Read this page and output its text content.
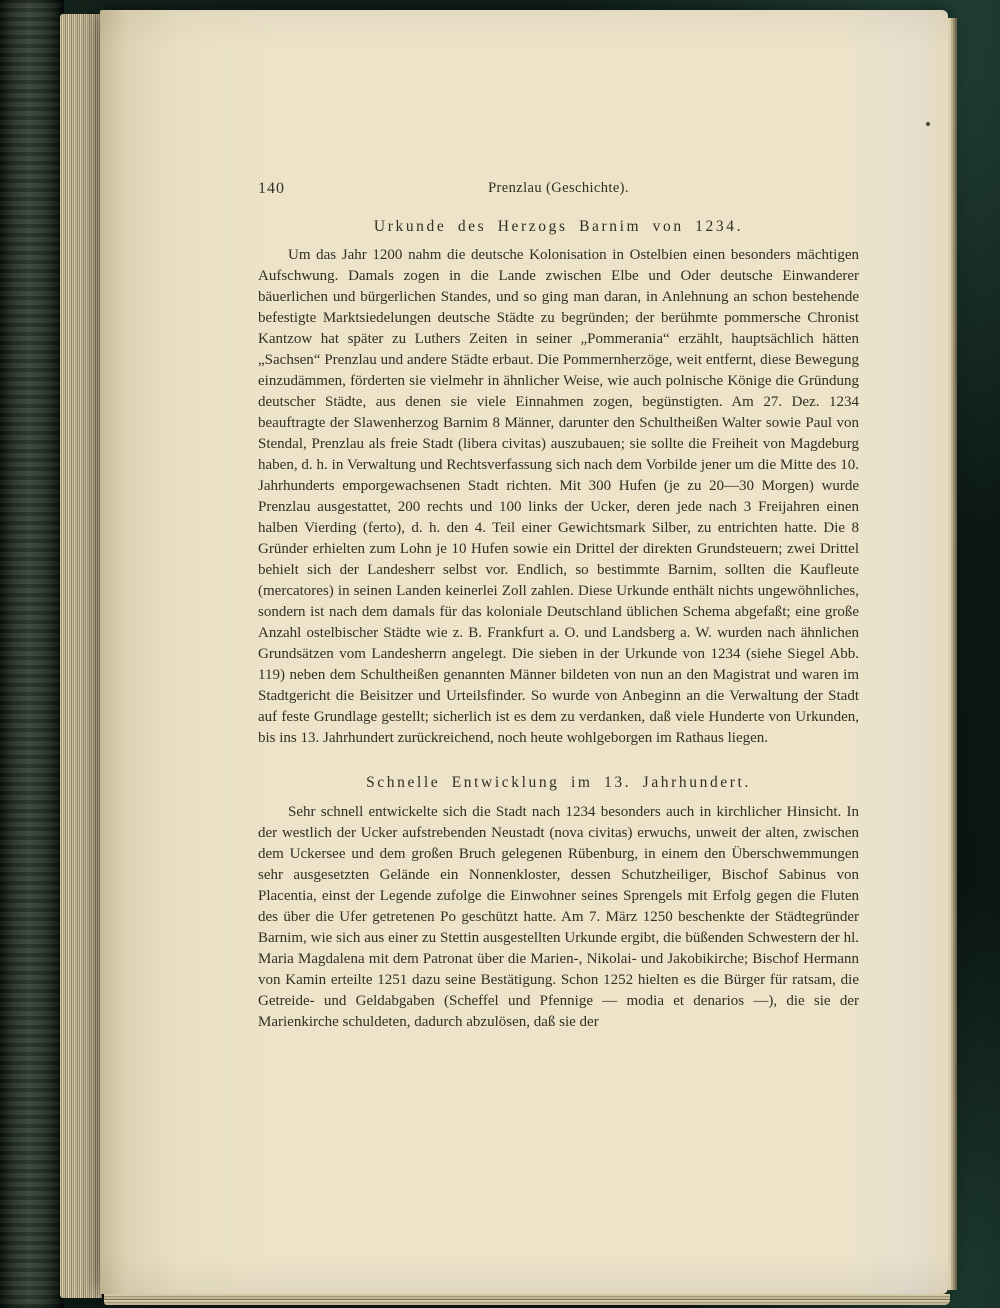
140	Prenzlau (Geschichte).
Urkunde des Herzogs Barnim von 1234.

Um das Jahr 1200 nahm die deutsche Kolonisation in Ostelbien einen besonders mächtigen Aufschwung. Damals zogen in die Lande zwischen Elbe und Oder deutsche Einwanderer bäuerlichen und bürgerlichen Standes, und so ging man daran, in Anlehnung an schon bestehende befestigte Marktsiedelungen deutsche Städte zu begründen; der berühmte pommersche Chronist Kantzow hat später zu Luthers Zeiten in seiner „Pommerania“ erzählt, hauptsächlich hätten „Sachsen“ Prenzlau und andere Städte erbaut. Die Pommernherzöge, weit entfernt, diese Bewegung einzudämmen, förderten sie vielmehr in ähnlicher Weise, wie auch polnische Könige die Gründung deutscher Städte, aus denen sie viele Einnahmen zogen, begünstigten. Am 27. Dez. 1234 beauftragte der Slawenherzog Barnim 8 Männer, darunter den Schultheißen Walter sowie Paul von Stendal, Prenzlau als freie Stadt (libera civitas) auszubauen; sie sollte die Freiheit von Magdeburg haben, d. h. in Verwaltung und Rechtsverfassung sich nach dem Vorbilde jener um die Mitte des 10. Jahrhunderts emporgewachsenen Stadt richten. Mit 300 Hufen (je zu 20—30 Morgen) wurde Prenzlau ausgestattet, 200 rechts und 100 links der Ucker, deren jede nach 3 Freijahren einen halben Vierding (ferto), d. h. den 4. Teil einer Gewichtsmark Silber, zu entrichten hatte. Die 8 Gründer erhielten zum Lohn je 10 Hufen sowie ein Drittel der direkten Grundsteuern; zwei Drittel behielt sich der Landesherr selbst vor. Endlich, so bestimmte Barnim, sollten die Kaufleute (mercatores) in seinen Landen keinerlei Zoll zahlen. Diese Urkunde enthält nichts ungewöhnliches, sondern ist nach dem damals für das koloniale Deutschland üblichen Schema abgefaßt; eine große Anzahl ostelbischer Städte wie z. B. Frankfurt a. O. und Landsberg a. W. wurden nach ähnlichen Grundsätzen vom Landesherrn angelegt. Die sieben in der Urkunde von 1234 (siehe Siegel Abb. 119) neben dem Schultheißen genannten Männer bildeten von nun an den Magistrat und waren im Stadtgericht die Beisitzer und Urteilsfinder. So wurde von Anbeginn an die Verwaltung der Stadt auf feste Grundlage gestellt; sicherlich ist es dem zu verdanken, daß viele Hunderte von Urkunden, bis ins 13. Jahrhundert zurückreichend, noch heute wohlgeborgen im Rathaus liegen.

Schnelle Entwicklung im 13. Jahrhundert.

Sehr schnell entwickelte sich die Stadt nach 1234 besonders auch in kirchlicher Hinsicht. In der westlich der Ucker aufstrebenden Neustadt (nova civitas) erwuchs, unweit der alten, zwischen dem Uckersee und dem großen Bruch gelegenen Rübenburg, in einem den Überschwemmungen sehr ausgesetzten Gelände ein Nonnenkloster, dessen Schutzheiliger, Bischof Sabinus von Placentia, einst der Legende zufolge die Einwohner seines Sprengels mit Erfolg gegen die Fluten des über die Ufer getretenen Po geschützt hatte. Am 7. März 1250 beschenkte der Städtegründer Barnim, wie sich aus einer zu Stettin ausgestellten Urkunde ergibt, die büßenden Schwestern der hl. Maria Magdalena mit dem Patronat über die Marien-, Nikolai- und Jakobikirche; Bischof Hermann von Kamin erteilte 1251 dazu seine Bestätigung. Schon 1252 hielten es die Bürger für ratsam, die Getreide- und Geldabgaben (Scheffel und Pfennige — modia et denarios —), die sie der Marienkirche schuldeten, dadurch abzulösen, daß sie der
